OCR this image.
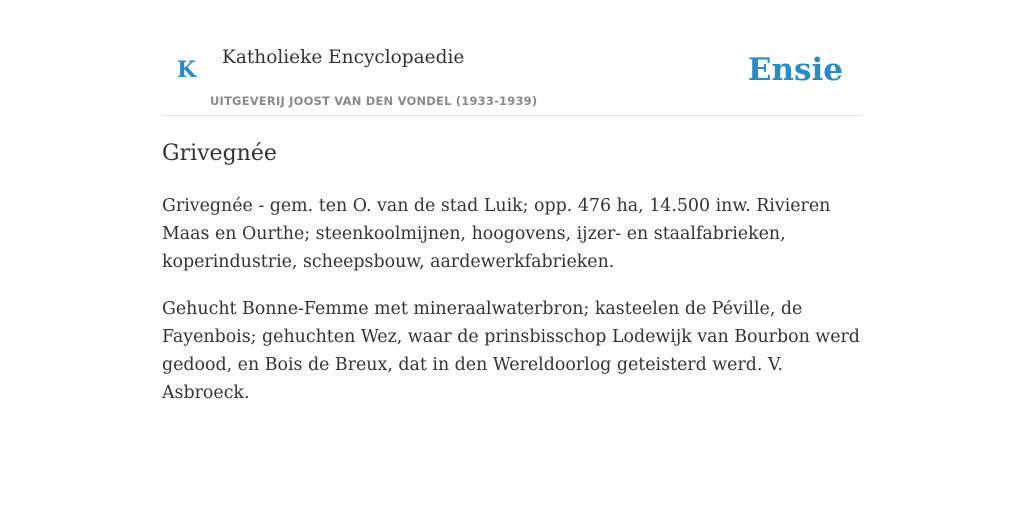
K Katholieke Encyclopaedie
UITGEVERIJ JOOST VAN DEN VONDEL (1933-1939)
Ensie
Grivegnée

Grivegnée - gem. ten O. van de stad Luik; opp. 476 ha, 14.500 inw. Rivieren Maas en Ourthe; steenkoolmijnen, hoogovens, ijzer- en staalfabrieken, koperindustrie, scheepsbouw, aardewerkfabrieken.

Gehucht Bonne-Femme met mineraalwaterbron; kasteelen de Péville, de Fayenbois; gehuchten Wez, waar de prinsbisschop Lodewijk van Bourbon werd gedood, en Bois de Breux, dat in den Wereldoorlog geteisterd werd. V. Asbroeck.
